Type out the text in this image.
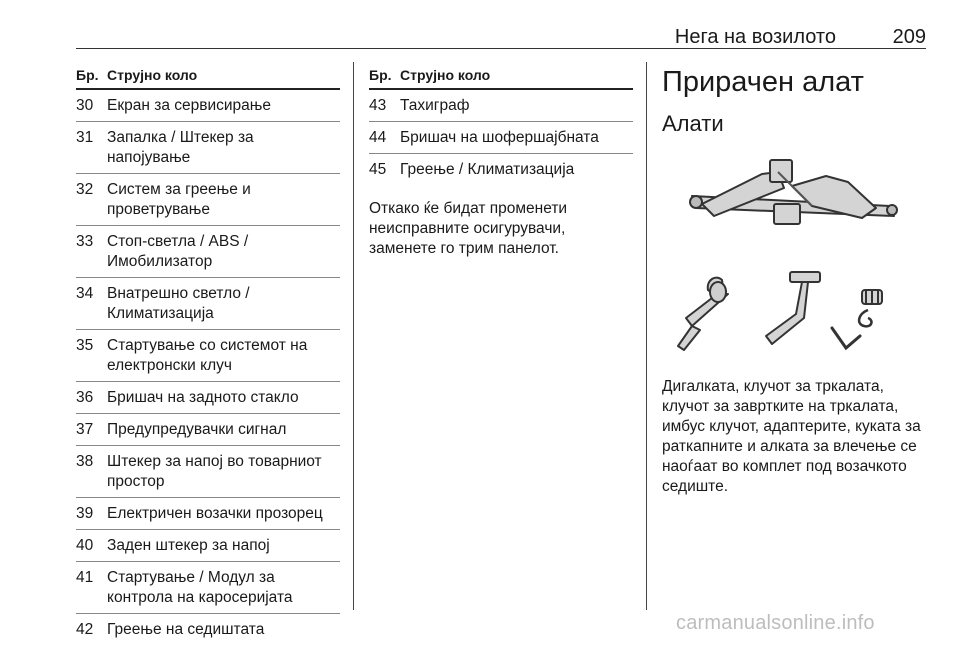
Нега на возилото	209
Бр. Струјно коло
30 Екран за сервисирање
31 Запалка / Штекер за напојување
32 Систем за греење и проветрување
33 Стоп-светла / ABS / Имобилизатор
34 Внатрешно светло / Климатизација
35 Стартување со системот на електронски клуч
36 Бришач на задното стакло
37 Предупредувачки сигнал
38 Штекер за напој во товарниот простор
39 Електричен возачки прозорец
40 Заден штекер за напој
41 Стартување / Модул за контрола на каросеријата
42 Греење на седиштата
Бр. Струјно коло
43 Тахиграф
44 Бришач на шофершајбната
45 Греење / Климатизација
Откако ќе бидат променети неисправните осигурувачи, заменете го трим панелот.
Приpачен алат
Алати
Дигалката, клучот за тркалата, клучот за завртките на тркалата, имбус клучот, адаптерите, куката за раткапните и алката за влечење се наоѓаат во комплет под возачкото седиште.
carmanualsonline.info
